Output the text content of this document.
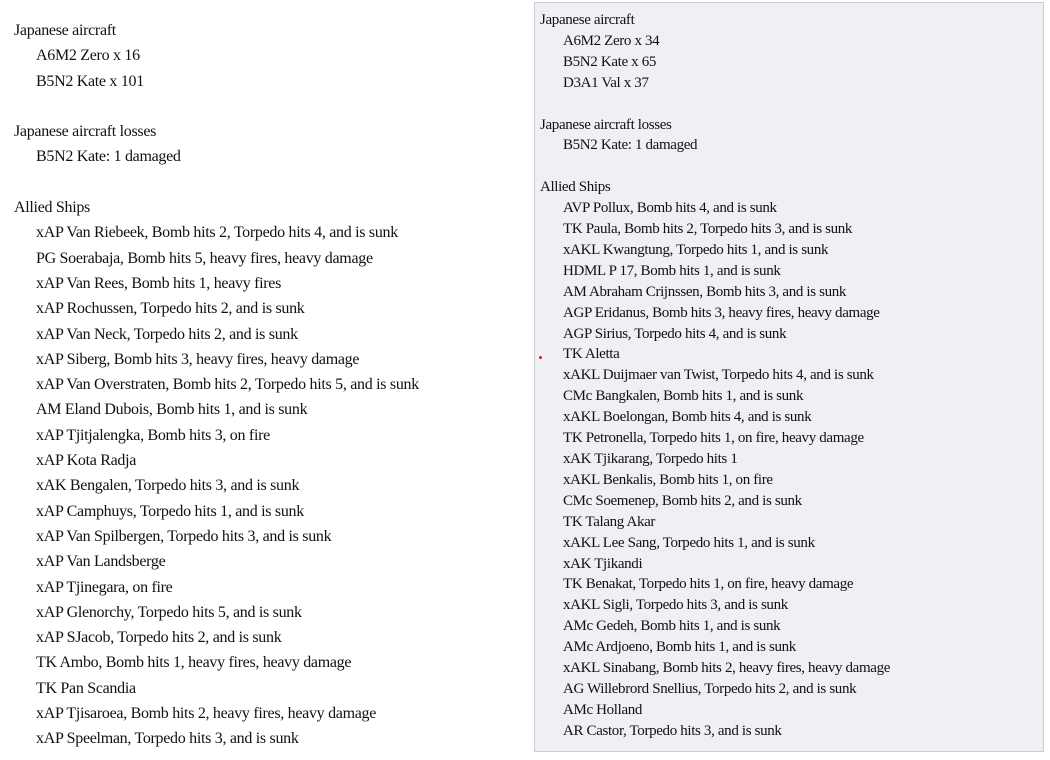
Japanese aircraft
A6M2 Zero x 16
B5N2 Kate x 101
Japanese aircraft losses
B5N2 Kate: 1 damaged
Allied Ships
xAP Van Riebeek, Bomb hits 2, Torpedo hits 4, and is sunk
PG Soerabaja, Bomb hits 5, heavy fires, heavy damage
xAP Van Rees, Bomb hits 1, heavy fires
xAP Rochussen, Torpedo hits 2, and is sunk
xAP Van Neck, Torpedo hits 2, and is sunk
xAP Siberg, Bomb hits 3, heavy fires, heavy damage
xAP Van Overstraten, Bomb hits 2, Torpedo hits 5, and is sunk
AM Eland Dubois, Bomb hits 1, and is sunk
xAP Tjitjalengka, Bomb hits 3, on fire
xAP Kota Radja
xAK Bengalen, Torpedo hits 3, and is sunk
xAP Camphuys, Torpedo hits 1, and is sunk
xAP Van Spilbergen, Torpedo hits 3, and is sunk
xAP Van Landsberge
xAP Tjinegara, on fire
xAP Glenorchy, Torpedo hits 5, and is sunk
xAP SJacob, Torpedo hits 2, and is sunk
TK Ambo, Bomb hits 1, heavy fires, heavy damage
TK Pan Scandia
xAP Tjisaroea, Bomb hits 2, heavy fires, heavy damage
xAP Speelman, Torpedo hits 3, and is sunk
Japanese aircraft
A6M2 Zero x 34
B5N2 Kate x 65
D3A1 Val x 37
Japanese aircraft losses
B5N2 Kate: 1 damaged
Allied Ships
AVP Pollux, Bomb hits 4, and is sunk
TK Paula, Bomb hits 2, Torpedo hits 3, and is sunk
xAKL Kwangtung, Torpedo hits 1, and is sunk
HDML P 17, Bomb hits 1, and is sunk
AM Abraham Crijnssen, Bomb hits 3, and is sunk
AGP Eridanus, Bomb hits 3, heavy fires, heavy damage
AGP Sirius, Torpedo hits 4, and is sunk
TK Aletta
xAKL Duijmaer van Twist, Torpedo hits 4, and is sunk
CMc Bangkalen, Bomb hits 1, and is sunk
xAKL Boelongan, Bomb hits 4, and is sunk
TK Petronella, Torpedo hits 1, on fire, heavy damage
xAK Tjikarang, Torpedo hits 1
xAKL Benkalis, Bomb hits 1, on fire
CMc Soemenep, Bomb hits 2, and is sunk
TK Talang Akar
xAKL Lee Sang, Torpedo hits 1, and is sunk
xAK Tjikandi
TK Benakat, Torpedo hits 1, on fire, heavy damage
xAKL Sigli, Torpedo hits 3, and is sunk
AMc Gedeh, Bomb hits 1, and is sunk
AMc Ardjoeno, Bomb hits 1, and is sunk
xAKL Sinabang, Bomb hits 2, heavy fires, heavy damage
AG Willebrord Snellius, Torpedo hits 2, and is sunk
AMc Holland
AR Castor, Torpedo hits 3, and is sunk
